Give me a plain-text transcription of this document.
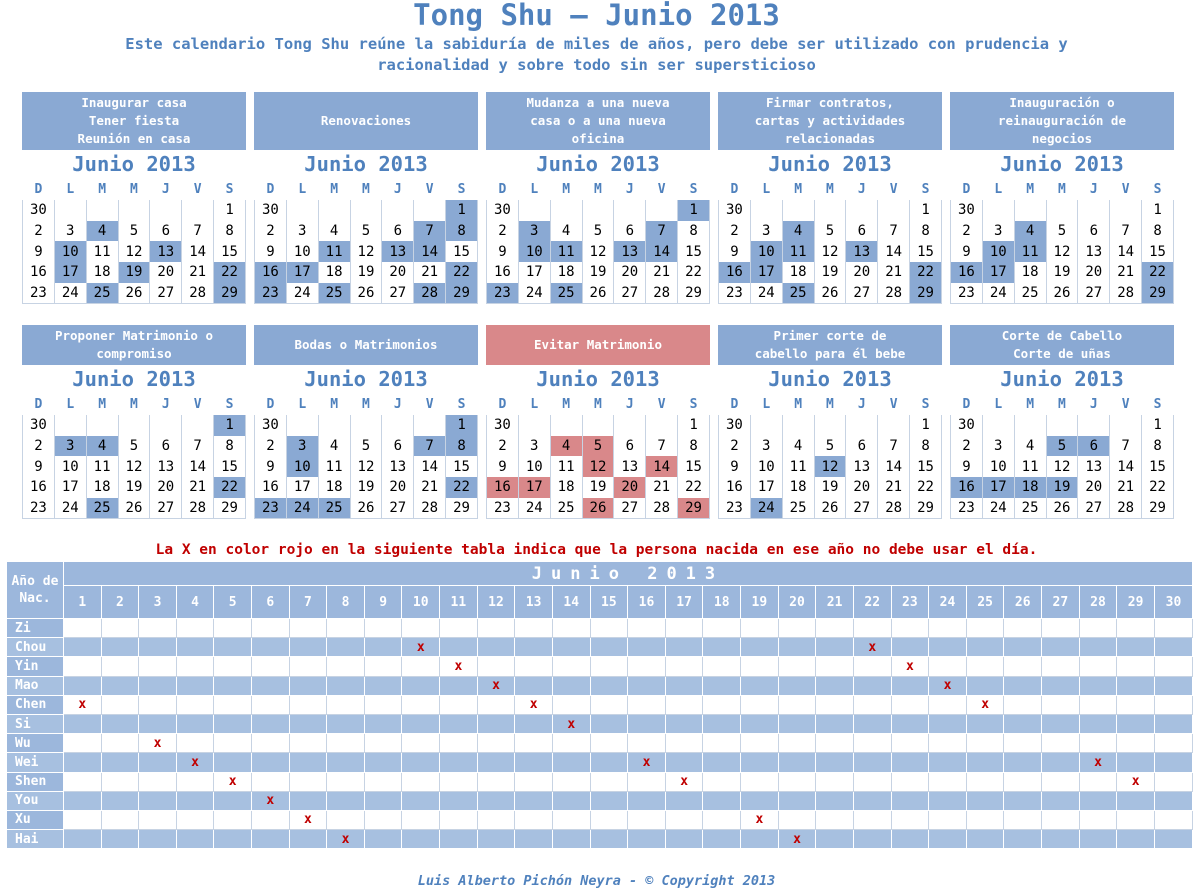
Tong Shu – Junio 2013
Este calendario Tong Shu reúne la sabiduría de miles de años, pero debe ser utilizado con prudencia y
racionalidad y sobre todo sin ser supersticioso
Inaugurar casa
Tener fiesta
Reunión en casa
Junio 2013
D	L	M	M	J	V	S
30						1
2	3	4	5	6	7	8
9	10	11	12	13	14	15
16	17	18	19	20	21	22
23	24	25	26	27	28	29
Renovaciones
Junio 2013
D	L	M	M	J	V	S
30						1
2	3	4	5	6	7	8
9	10	11	12	13	14	15
16	17	18	19	20	21	22
23	24	25	26	27	28	29
Mudanza a una nueva
casa o a una nueva
oficina
Junio 2013
D	L	M	M	J	V	S
30						1
2	3	4	5	6	7	8
9	10	11	12	13	14	15
16	17	18	19	20	21	22
23	24	25	26	27	28	29
Firmar contratos,
cartas y actividades
relacionadas
Junio 2013
D	L	M	M	J	V	S
30						1
2	3	4	5	6	7	8
9	10	11	12	13	14	15
16	17	18	19	20	21	22
23	24	25	26	27	28	29
Inauguración o
reinauguración de
negocios
Junio 2013
D	L	M	M	J	V	S
30						1
2	3	4	5	6	7	8
9	10	11	12	13	14	15
16	17	18	19	20	21	22
23	24	25	26	27	28	29
Proponer Matrimonio o
compromiso
Junio 2013
D	L	M	M	J	V	S
30						1
2	3	4	5	6	7	8
9	10	11	12	13	14	15
16	17	18	19	20	21	22
23	24	25	26	27	28	29
Bodas o Matrimonios
Junio 2013
D	L	M	M	J	V	S
30						1
2	3	4	5	6	7	8
9	10	11	12	13	14	15
16	17	18	19	20	21	22
23	24	25	26	27	28	29
Evitar Matrimonio
Junio 2013
D	L	M	M	J	V	S
30						1
2	3	4	5	6	7	8
9	10	11	12	13	14	15
16	17	18	19	20	21	22
23	24	25	26	27	28	29
Primer corte de
cabello para él bebe
Junio 2013
D	L	M	M	J	V	S
30						1
2	3	4	5	6	7	8
9	10	11	12	13	14	15
16	17	18	19	20	21	22
23	24	25	26	27	28	29
Corte de Cabello
Corte de uñas
Junio 2013
D	L	M	M	J	V	S
30						1
2	3	4	5	6	7	8
9	10	11	12	13	14	15
16	17	18	19	20	21	22
23	24	25	26	27	28	29
La X en color rojo en la siguiente tabla indica que la persona nacida en ese año no debe usar el día.
Año de Nac.	Junio 2013																													
	1	2	3	4	5	6	7	8	9	10	11	12	13	14	15	16	17	18	19	20	21	22	23	24	25	26	27	28	29	30
Zi																														
Chou										x												x								
Yin											x												x							
Mao												x												x						
Chen	x												x												x					
Si														x																
Wu			x																											
Wei				x												x												x		
Shen					x												x												x	
You						x																								
Xu							x												x											
Hai								x												x										
Luis Alberto Pichón Neyra - © Copyright 2013
